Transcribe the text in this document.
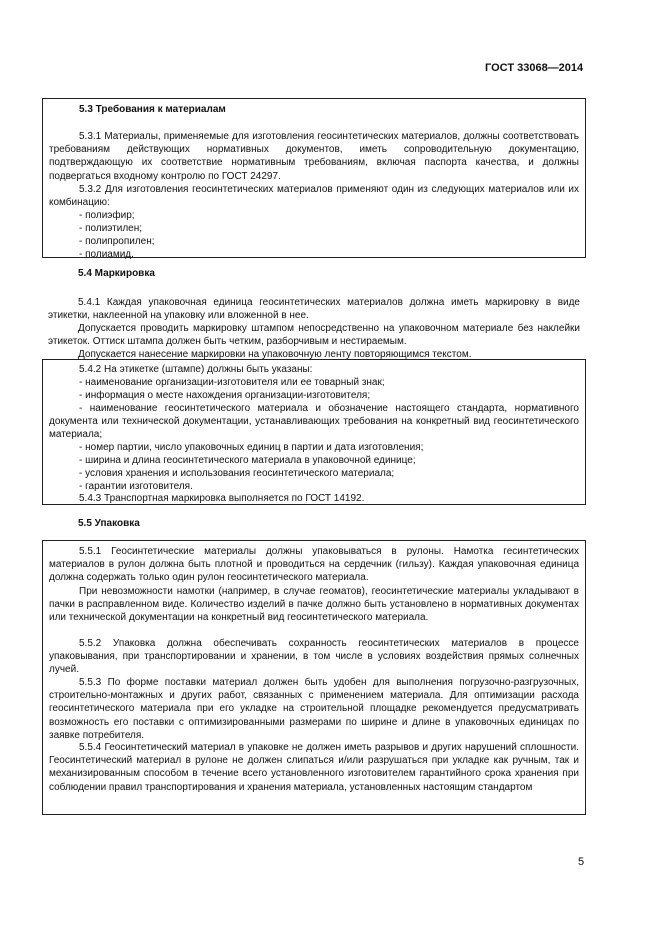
ГОСТ 33068—2014
5.3 Требования к материалам
5.3.1 Материалы, применяемые для изготовления геосинтетических материалов, должны соответствовать требованиям действующих нормативных документов, иметь сопроводительную документацию, подтверждающую их соответствие нормативным требованиям, включая паспорта качества, и должны подвергаться входному контролю по ГОСТ 24297.
5.3.2 Для изготовления геосинтетических материалов применяют один из следующих материалов или их комбинацию:
- полиэфир;
- полиэтилен;
- полипропилен;
- полиамид.
5.4 Маркировка
5.4.1 Каждая упаковочная единица геосинтетических материалов должна иметь маркировку в виде этикетки, наклеенной на упаковку или вложенной в нее.
Допускается проводить маркировку штампом непосредственно на упаковочном материале без наклейки этикеток. Оттиск штампа должен быть четким, разборчивым и нестираемым.
Допускается нанесение маркировки на упаковочную ленту повторяющимся текстом.
5.4.2 На этикетке (штампе) должны быть указаны:
- наименование организации-изготовителя или ее товарный знак;
- информация о месте нахождения организации-изготовителя;
- наименование геосинтетического материала и обозначение настоящего стандарта, нормативного документа или технической документации, устанавливающих требования на конкретный вид геосинтетического материала;
- номер партии, число упаковочных единиц в партии и дата изготовления;
- ширина и длина геосинтетического материала в упаковочной единице;
- условия хранения и использования геосинтетического материала;
- гарантии изготовителя.
5.4.3 Транспортная маркировка выполняется по ГОСТ 14192.
5.5 Упаковка
5.5.1 Геосинтетические материалы должны упаковываться в рулоны. Намотка гесинтетических материалов в рулон должна быть плотной и проводиться на сердечник (гильзу). Каждая упаковочная единица должна содержать только один рулон геосинтетического материала.
При невозможности намотки (например, в случае геоматов), геосинтетические материалы укладывают в пачки в расправленном виде. Количество изделий в пачке должно быть установлено в нормативных документах или технической документации на конкретный вид геосинтетического материала.
5.5.2 Упаковка должна обеспечивать сохранность геосинтетических материалов в процессе упаковывания, при транспортировании и хранении, в том числе в условиях воздействия прямых солнечных лучей.
5.5.3 По форме поставки материал должен быть удобен для выполнения погрузочно-разгрузочных, строительно-монтажных и других работ, связанных с применением материала. Для оптимизации расхода геосинтетического материала при его укладке на строительной площадке рекомендуется предусматривать возможность его поставки с оптимизированными размерами по ширине и длине в упаковочных единицах по заявке потребителя.
5.5.4 Геосинтетический материал в упаковке не должен иметь разрывов и других нарушений сплошности. Геосинтетический материал в рулоне не должен слипаться и/или разрушаться при укладке как ручным, так и механизированным способом в течение всего установленного изготовителем гарантийного срока хранения при соблюдении правил транспортирования и хранения материала, установленных настоящим стандартом
5
